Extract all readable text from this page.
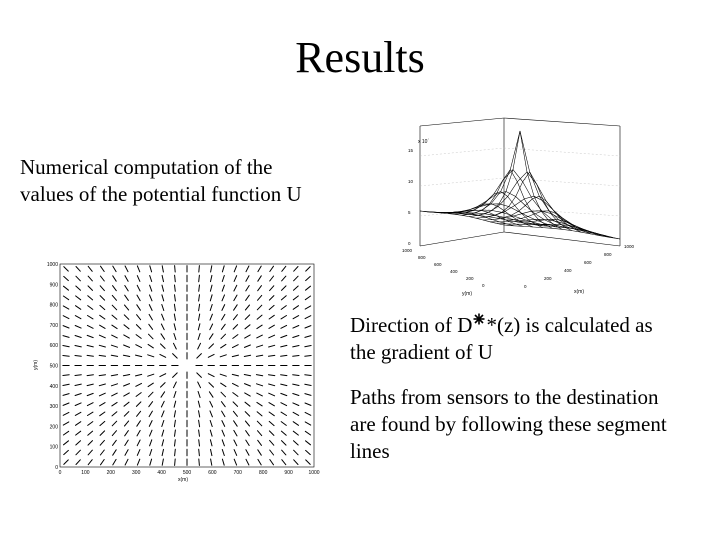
Results
Numerical computation of the
values of the potential function U
Direction of D *(z) is calculated as
the gradient of U
Paths from sensors to the destination
are found by following these segment
lines
x 10´
15
10
5
0
1000
800
600
400
200
0
1000
800
600
400
200
0
y(m)	x(m)
1000
900
800
700
600
500
400
300
200
100
0
0	100	200	300	400	500	600	700	800	900	1000
y(m)
x(m)
